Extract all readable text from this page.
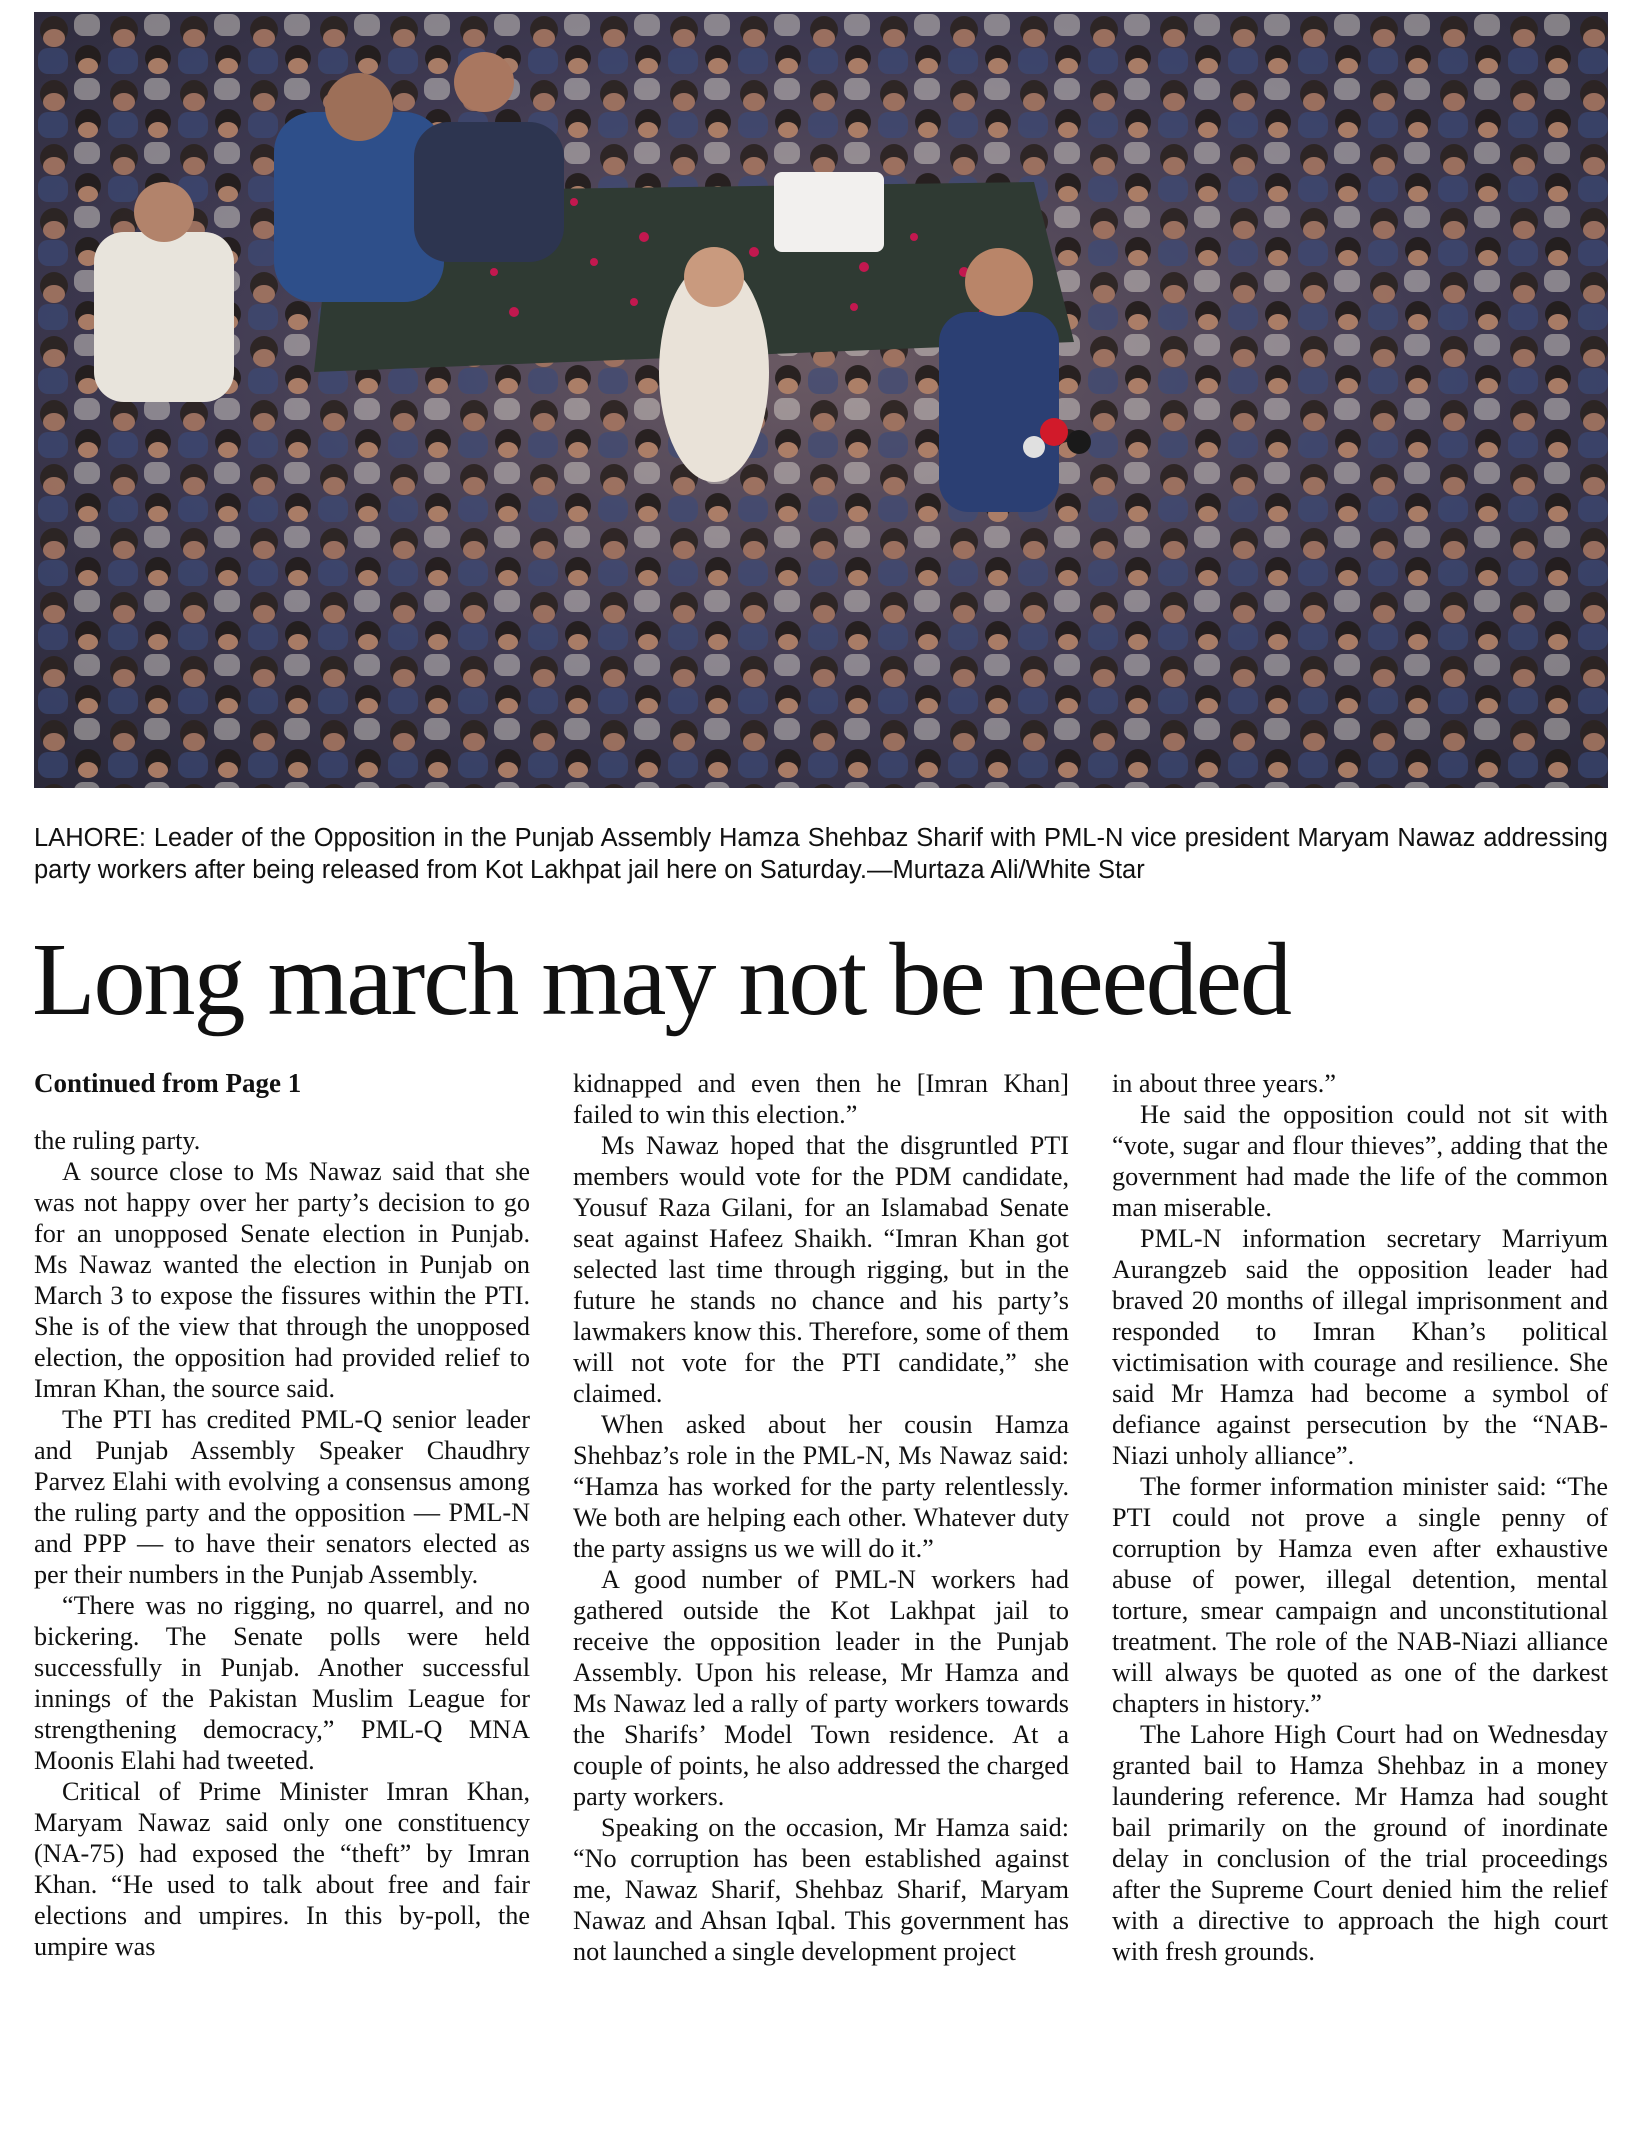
LAHORE: Leader of the Opposition in the Punjab Assembly Hamza Shehbaz Sharif with PML-N vice president Maryam Nawaz addressing party workers after being released from Kot Lakhpat jail here on Saturday.—Murtaza Ali/White Star

Long march may not be needed

Continued from Page 1

the ruling party.

A source close to Ms Nawaz said that she was not happy over her party’s decision to go for an unopposed Senate election in Punjab. Ms Nawaz wanted the election in Punjab on March 3 to expose the fissures within the PTI. She is of the view that through the unopposed election, the opposition had provided relief to Imran Khan, the source said.

The PTI has credited PML-Q senior leader and Punjab Assembly Speaker Chaudhry Parvez Elahi with evolving a consensus among the ruling party and the opposition — PML-N and PPP — to have their senators elected as per their numbers in the Punjab Assembly.

“There was no rigging, no quarrel, and no bickering. The Senate polls were held successfully in Punjab. Another successful innings of the Pakistan Muslim League for strengthening democracy,” PML-Q MNA Moonis Elahi had tweeted.

Critical of Prime Minister Imran Khan, Maryam Nawaz said only one constituency (NA-75) had exposed the “theft” by Imran Khan. “He used to talk about free and fair elections and umpires. In this by-poll, the umpire was

kidnapped and even then he [Imran Khan] failed to win this election.”

Ms Nawaz hoped that the disgruntled PTI members would vote for the PDM candidate, Yousuf Raza Gilani, for an Islamabad Senate seat against Hafeez Shaikh. “Imran Khan got selected last time through rigging, but in the future he stands no chance and his party’s lawmakers know this. Therefore, some of them will not vote for the PTI candidate,” she claimed.

When asked about her cousin Hamza Shehbaz’s role in the PML-N, Ms Nawaz said: “Hamza has worked for the party relentlessly. We both are helping each other. Whatever duty the party assigns us we will do it.”

A good number of PML-N workers had gathered outside the Kot Lakhpat jail to receive the opposition leader in the Punjab Assembly. Upon his release, Mr Hamza and Ms Nawaz led a rally of party workers towards the Sharifs’ Model Town residence. At a couple of points, he also addressed the charged party workers.

Speaking on the occasion, Mr Hamza said: “No corruption has been established against me, Nawaz Sharif, Shehbaz Sharif, Maryam Nawaz and Ahsan Iqbal. This government has not launched a single development project

in about three years.”

He said the opposition could not sit with “vote, sugar and flour thieves”, adding that the government had made the life of the common man miserable.

PML-N information secretary Marriyum Aurangzeb said the opposition leader had braved 20 months of illegal imprisonment and responded to Imran Khan’s political victimisation with courage and resilience. She said Mr Hamza had become a symbol of defiance against persecution by the “NAB-Niazi unholy alliance”.

The former information minister said: “The PTI could not prove a single penny of corruption by Hamza even after exhaustive abuse of power, illegal detention, mental torture, smear campaign and unconstitutional treatment. The role of the NAB-Niazi alliance will always be quoted as one of the darkest chapters in history.”

The Lahore High Court had on Wednesday granted bail to Hamza Shehbaz in a money laundering reference. Mr Hamza had sought bail primarily on the ground of inordinate delay in conclusion of the trial proceedings after the Supreme Court denied him the relief with a directive to approach the high court with fresh grounds.
